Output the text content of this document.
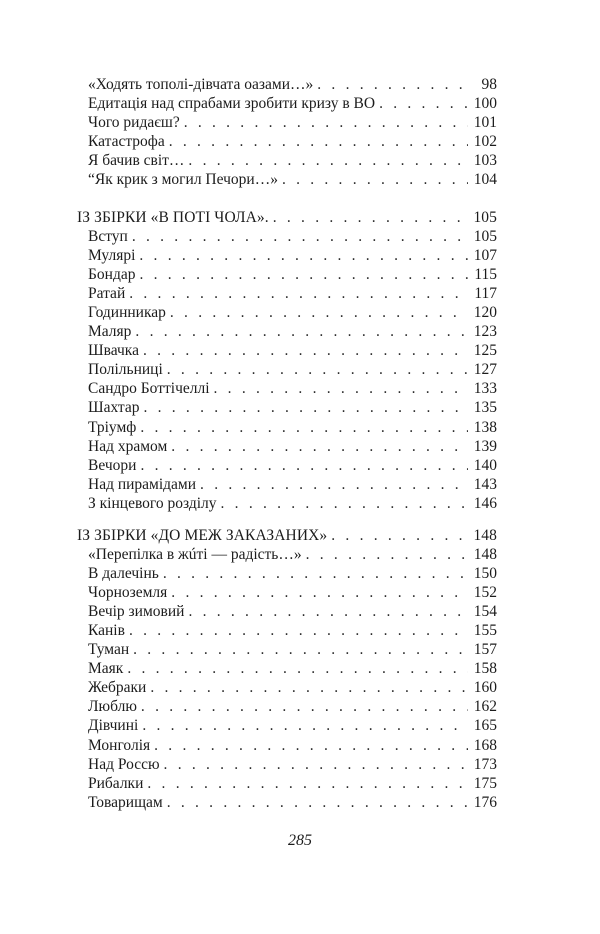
«Ходять тополі-дівчата оазами…» . . .	98
Едитація над спрабами зробити кризу в ВО . . .	100
Чого ридаєш? . . .	101
Катастрофа . . .	102
Я бачив світ… . . .	103
“Як крик з могил Печори…» . . .	104
ІЗ ЗБІРКИ «В ПОТІ ЧОЛА». . . .	105
Вступ . . .	105
Мулярі . . .	107
Бондар . . .	115
Ратай . . .	117
Годинникар . . .	120
Маляр . . .	123
Швачка . . .	125
Полільниці . . .	127
Сандро Боттічеллі . . .	133
Шахтар . . .	135
Тріумф . . .	138
Над храмом . . .	139
Вечори . . .	140
Над пирамідами . . .	143
З кінцевого розділу . . .	146
ІЗ ЗБІРКИ «ДО МЕЖ ЗАКАЗАНИХ» . . .	148
«Перепілка в жúті — радість…» . . .	148
В далечінь . . .	150
Чорноземля . . .	152
Вечір зимовий . . .	154
Канів . . .	155
Туман . . .	157
Маяк . . .	158
Жебраки . . .	160
Люблю . . .	162
Дівчині . . .	165
Монголія . . .	168
Над Россю . . .	173
Рибалки . . .	175
Товарищам . . .	176
285
